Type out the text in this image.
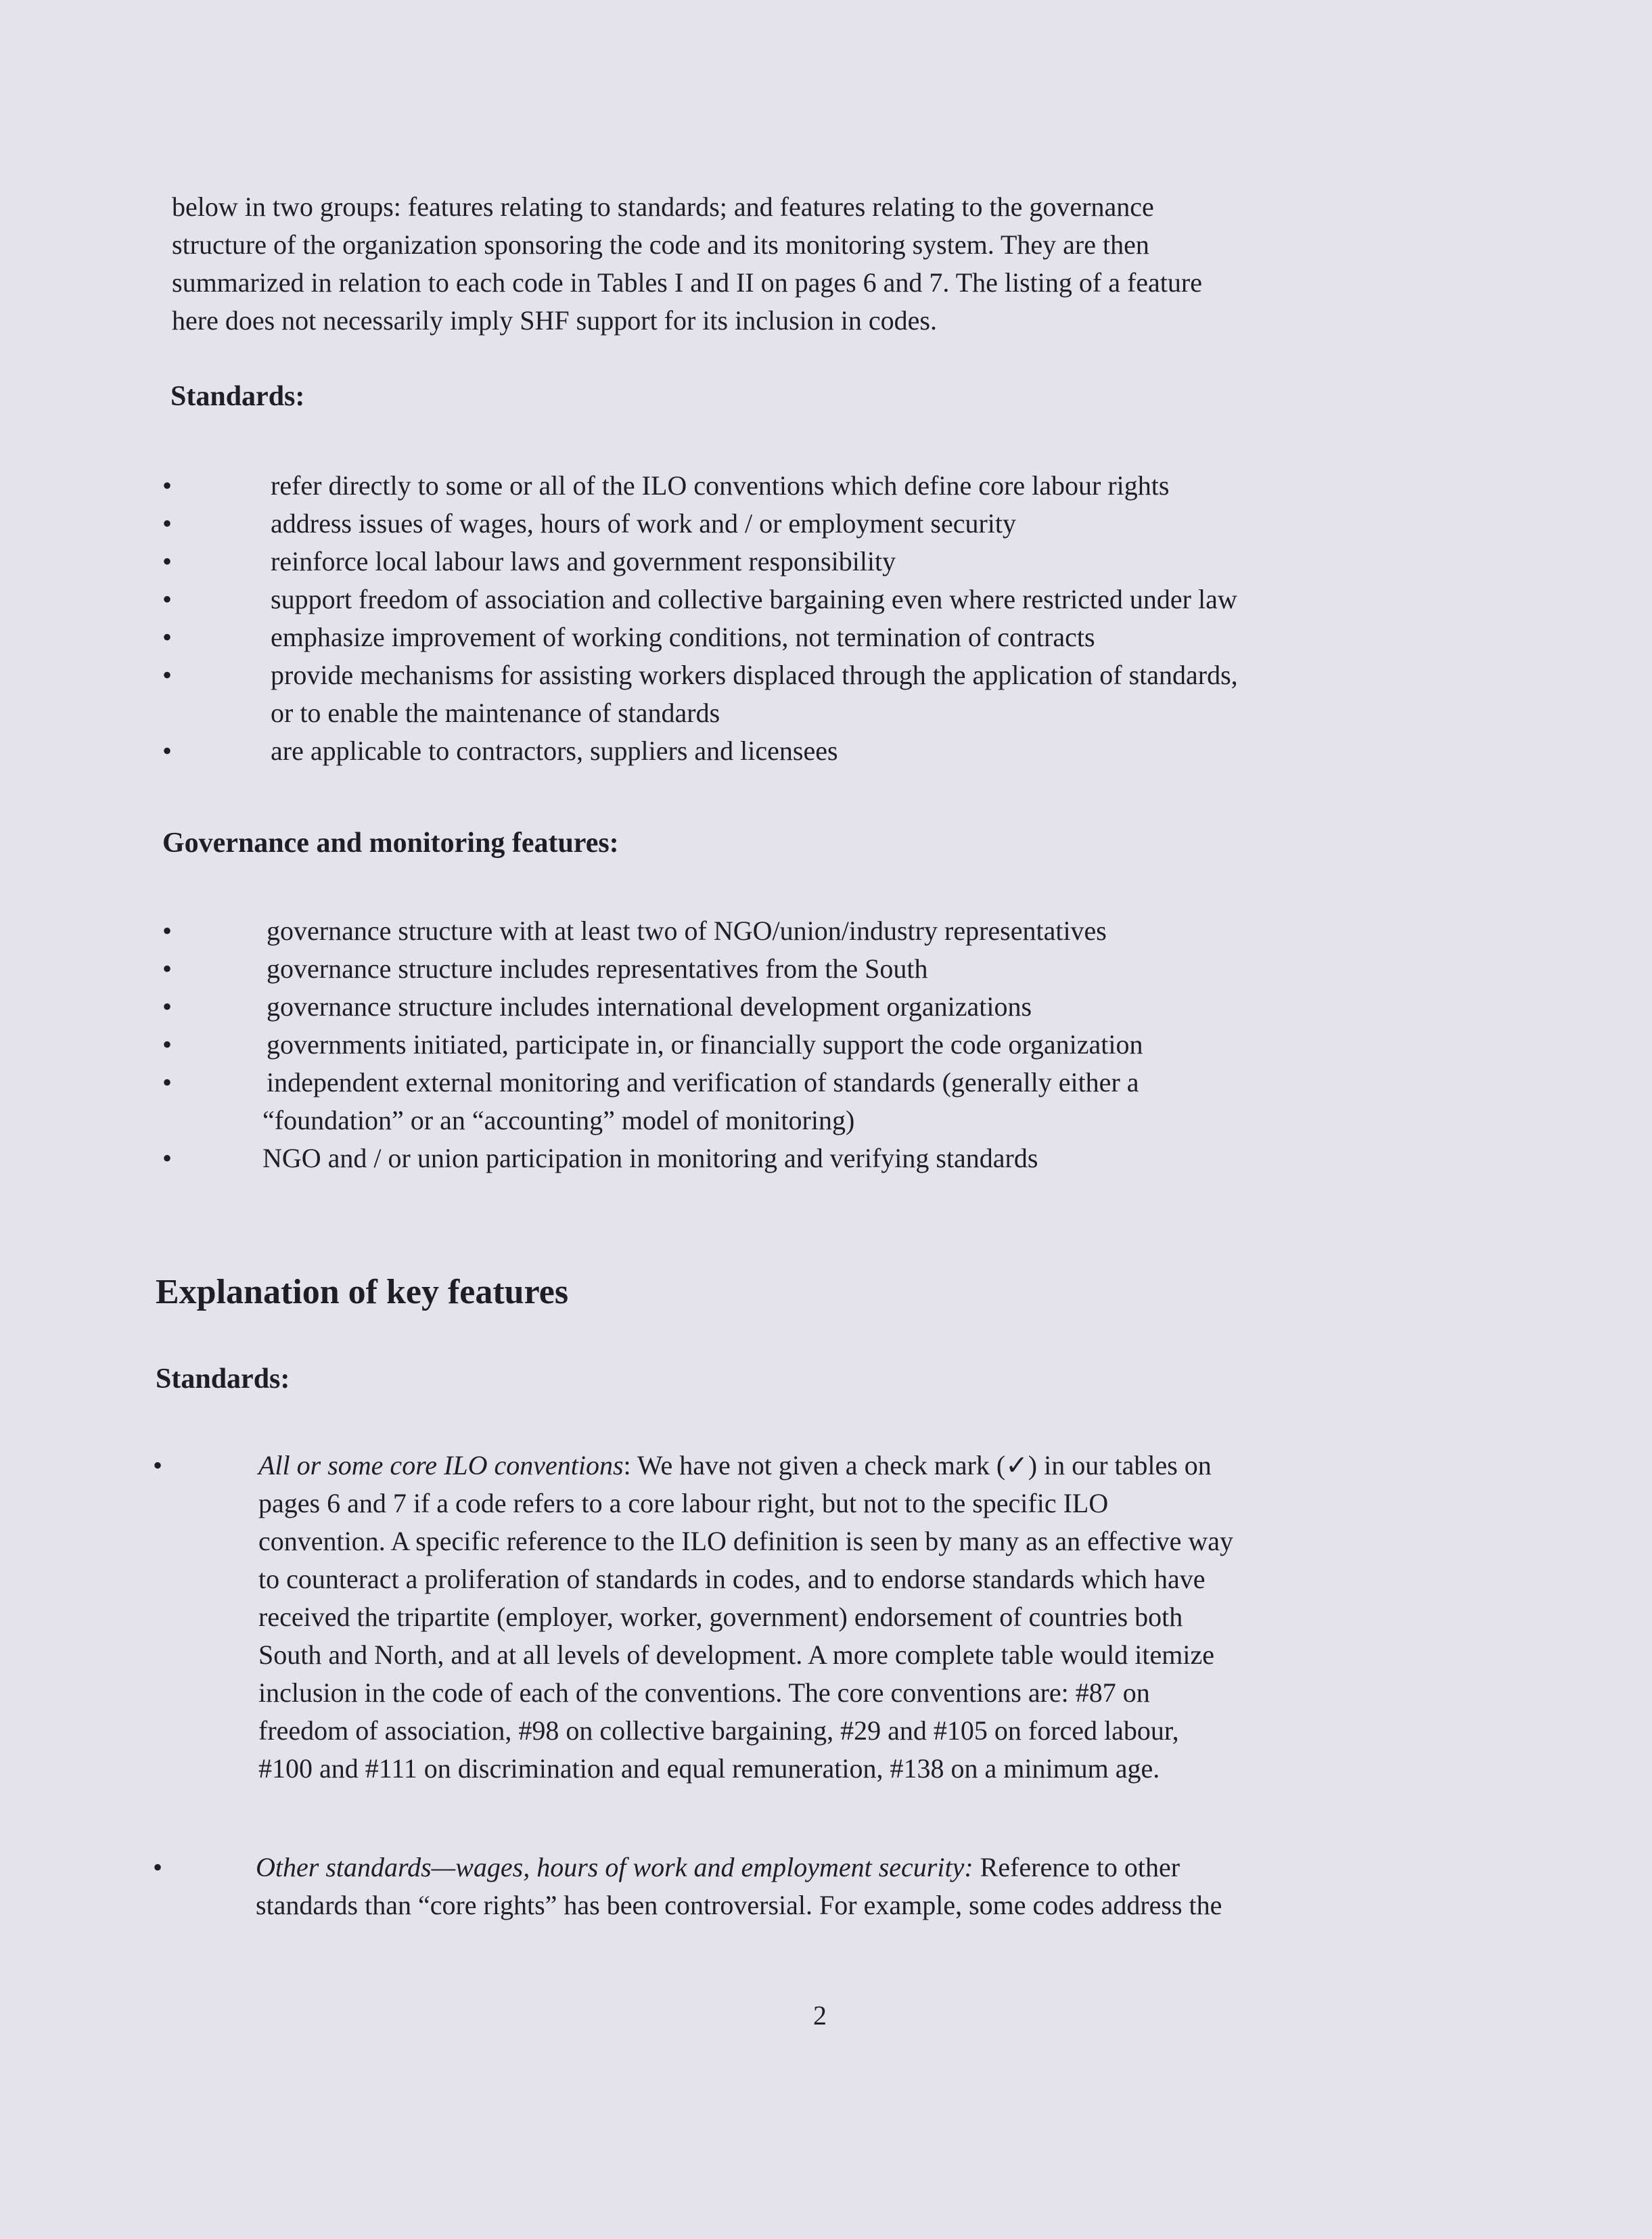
below in two groups: features relating to standards; and features relating to the governance
structure of the organization sponsoring the code and its monitoring system. They are then
summarized in relation to each code in Tables I and II on pages 6 and 7. The listing of a feature
here does not necessarily imply SHF support for its inclusion in codes.
Standards:
•	refer directly to some or all of the ILO conventions which define core labour rights
•	address issues of wages, hours of work and / or employment security
•	reinforce local labour laws and government responsibility
•	support freedom of association and collective bargaining even where restricted under law
•	emphasize improvement of working conditions, not termination of contracts
•	provide mechanisms for assisting workers displaced through the application of standards,
or to enable the maintenance of standards
•	are applicable to contractors, suppliers and licensees
Governance and monitoring features:
•	governance structure with at least two of NGO/union/industry representatives
•	governance structure includes representatives from the South
•	governance structure includes international development organizations
•	governments initiated, participate in, or financially support the code organization
•	independent external monitoring and verification of standards (generally either a
“foundation” or an “accounting” model of monitoring)
•	NGO and / or union participation in monitoring and verifying standards
Explanation of key features
Standards:
•	All or some core ILO conventions: We have not given a check mark (✓) in our tables on
pages 6 and 7 if a code refers to a core labour right, but not to the specific ILO
convention. A specific reference to the ILO definition is seen by many as an effective way
to counteract a proliferation of standards in codes, and to endorse standards which have
received the tripartite (employer, worker, government) endorsement of countries both
South and North, and at all levels of development. A more complete table would itemize
inclusion in the code of each of the conventions. The core conventions are: #87 on
freedom of association, #98 on collective bargaining, #29 and #105 on forced labour,
#100 and #111 on discrimination and equal remuneration, #138 on a minimum age.
•	Other standards—wages, hours of work and employment security: Reference to other
standards than “core rights” has been controversial. For example, some codes address the
2
